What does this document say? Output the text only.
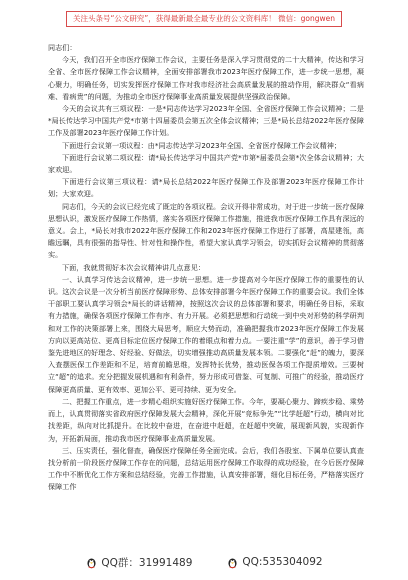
关注头条号“公文研究”，获得最新最全最专业的公文资料库！ 微信：gongwen

同志们：

今天，我们召开全市医疗保障工作会议，主要任务是深入学习贯彻党的二十大精神，传达和学习全省、全市医疗保障工作会议精神，全面安排部署我市2023年医疗保障工作，进一步统一思想，凝心聚力，明确任务，切实发挥医疗保障工作对我市经济社会高质量发展的推动作用，解决群众“看病难、看病贵”的问题，为推动全市医疗保障事业高质量发展提供坚强政治保障。

今天的会议共有三项议程：一是*同志传达学习2023年全国、全省医疗保障工作会议精神；二是*局长传达学习中国共产党*市第十四届委员会第五次全体会议精神；三是*局长总结2022年医疗保障工作及部署2023年医疗保障工作计划。

下面进行会议第一项议程：由*同志传达学习2023年全国、全省医疗保障工作会议精神；

下面进行会议第二项议程：请*局长传达学习中国共产党*市第*届委员会第*次全体会议精神；大家欢迎。

下面进行会议第三项议程：请*局长总结2022年医疗保障工作及部署2023年医疗保障工作计划；大家欢迎。

同志们，今天的会议已经完成了既定的各项议程。会议开得非常成功，对于进一步统一医疗保障思想认识，激发医疗保障工作热情，落实各项医疗保障工作措施，推进我市医疗保障工作具有深远的意义。会上，*局长对我市2022年医疗保障工作和2023年医疗保障工作进行了部署，高屋建瓴，高瞻远瞩，具有很强的指导性、针对性和操作性，希望大家认真学习领会，切实抓好会议精神的贯彻落实。

下面，我就贯彻好本次会议精神讲几点意见：

一、认真学习传达会议精神，进一步统一思想。进一步提高对今年医疗保障工作的重要性的认识。这次会议是一次分析当前医疗保障形势、总体安排部署今年医疗保障工作的重要会议。我们全体干部职工要认真学习领会*局长的讲话精神，按照这次会议的总体部署和要求，明确任务目标，采取有力措施，确保各项医疗保障工作有序、有力开展。必须把思想和行动统一到中央对形势的科学研判和对工作的决策部署上来，围绕大局思考，顺应大势而动，准确把握我市2023年医疗保障工作发展方向以更高站位、更高目标定位医疗保障工作的着眼点和着力点。一要注重“学”的意识，善于学习借鉴先进地区的好理念、好经验、好做法，切实增强推动高质量发展本领。二要强化“赶”的魄力，要深入查摆医保工作差距和不足，培育前瞻思维，发挥特长优势，推动医保各项工作提质增效。三要树立“超”的追求。充分把握发展机遇和有利条件，努力形成可借鉴、可复制、可推广的经验，推动医疗保障更高质量、更有效率、更加公平、更可持续、更为安全。

二、把握工作重点，进一步精心组织实施好医疗保障工作。今年，要凝心聚力、蹄疾步稳、乘势而上，认真贯彻落实省政府医疗保障发展大会精神，深化开展“竞标争先”“比学赶超”行动，横向对比找差距，纵向对比抓提升。在比较中奋进，在奋进中赶超，在赶超中突破，展现新风貌，实现新作为，开拓新局面，推动我市医疗保障事业高质量发展。

三、压实责任，强化督查，确保医疗保障任务全面完成。会后，我们各股室、下属单位要认真查找分析前一阶段医疗保障工作存在的问题，总结运用医疗保障工作取得的成功经验，在今后医疗保障工作中不断优化工作方案和总结经验，完善工作措施，认真安排部署，细化目标任务，严格落实医疗保障工作

QQ群：31991489	QQ:535304092
